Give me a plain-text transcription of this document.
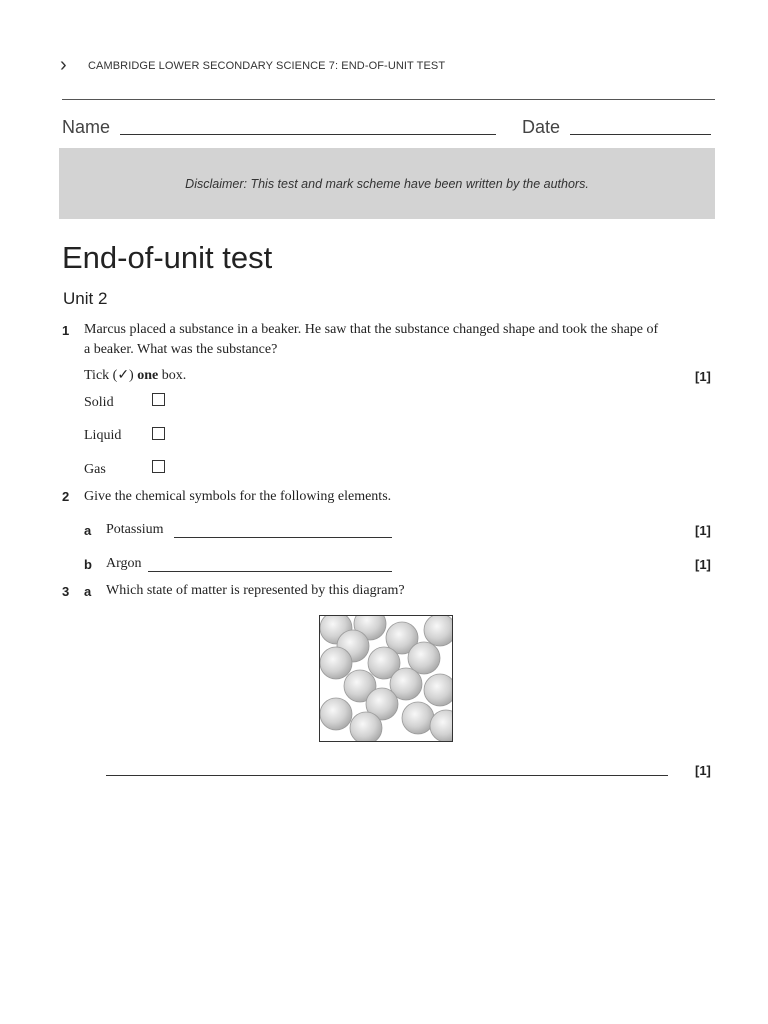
› CAMBRIDGE LOWER SECONDARY SCIENCE 7: END-OF-UNIT TEST
Name	Date
Disclaimer: This test and mark scheme have been written by the authors.
End-of-unit test
Unit 2
1 Marcus placed a substance in a beaker. He saw that the substance changed shape and took the shape of
a beaker. What was the substance?
Tick (✓) one box.	[1]
Solid
Liquid
Gas
2 Give the chemical symbols for the following elements.
a Potassium	[1]
b Argon	[1]
3 a Which state of matter is represented by this diagram?
[1]
